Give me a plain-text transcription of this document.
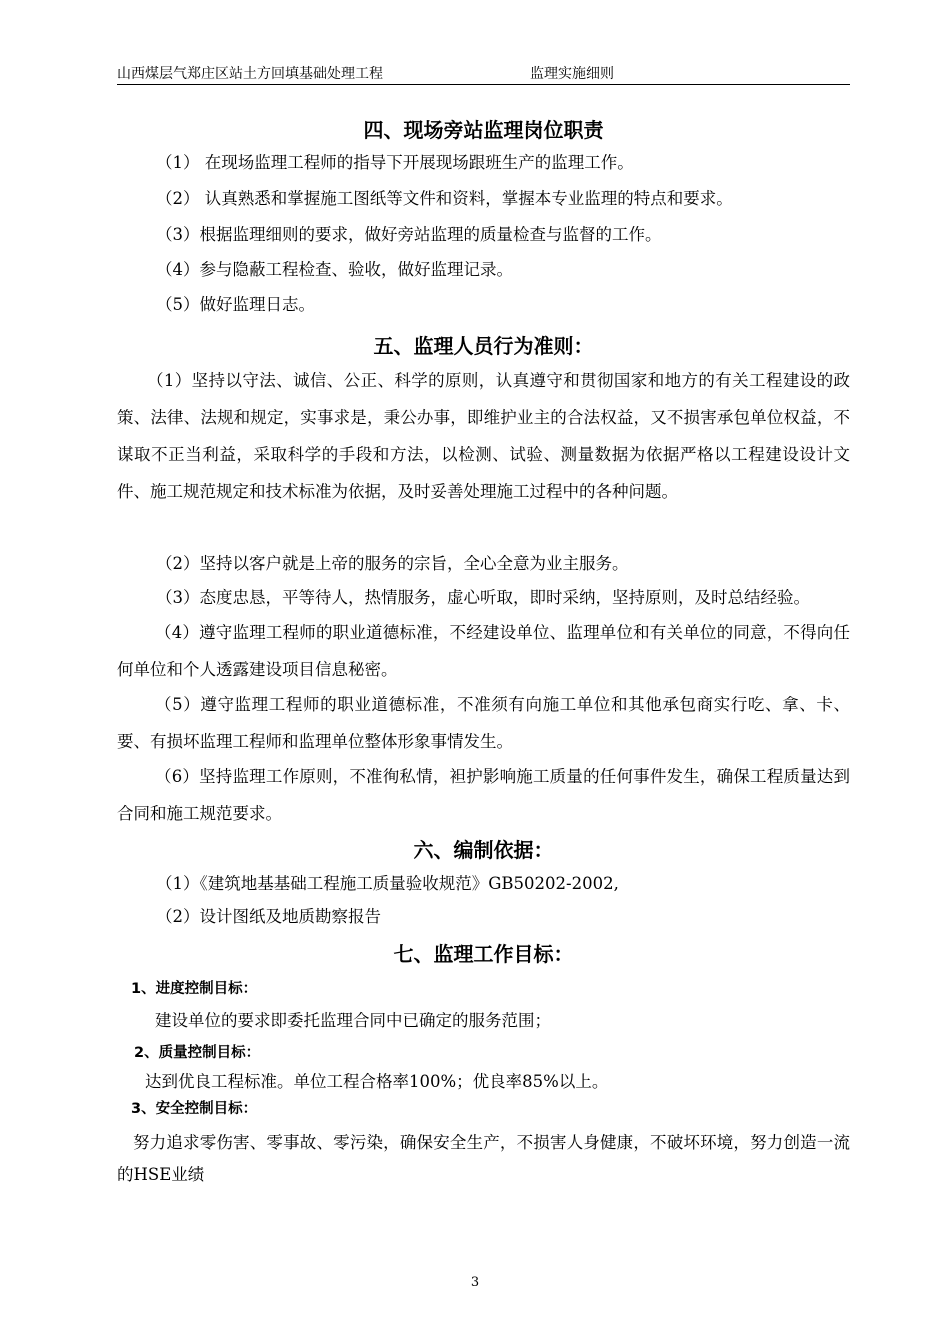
山西煤层气郑庄区站土方回填基础处理工程	监理实施细则
四、现场旁站监理岗位职责
（1） 在现场监理工程师的指导下开展现场跟班生产的监理工作。
（2） 认真熟悉和掌握施工图纸等文件和资料，掌握本专业监理的特点和要求。
（3）根据监理细则的要求，做好旁站监理的质量检查与监督的工作。
（4）参与隐蔽工程检查、验收，做好监理记录。
（5）做好监理日志。
五、监理人员行为准则：
（1）坚持以守法、诚信、公正、科学的原则，认真遵守和贯彻国家和地方的有关工程建设的政策、法律、法规和规定，实事求是，秉公办事，即维护业主的合法权益，又不损害承包单位权益，不谋取不正当利益，采取科学的手段和方法，以检测、试验、测量数据为依据严格以工程建设设计文件、施工规范规定和技术标准为依据，及时妥善处理施工过程中的各种问题。
（2）坚持以客户就是上帝的服务的宗旨，全心全意为业主服务。
（3）态度忠恳，平等待人，热情服务，虚心听取，即时采纳，坚持原则，及时总结经验。
（4）遵守监理工程师的职业道德标准，不经建设单位、监理单位和有关单位的同意，不得向任何单位和个人透露建设项目信息秘密。
（5）遵守监理工程师的职业道德标准，不准须有向施工单位和其他承包商实行吃、拿、卡、要、有损坏监理工程师和监理单位整体形象事情发生。
（6）坚持监理工作原则，不准徇私情，袒护影响施工质量的任何事件发生，确保工程质量达到合同和施工规范要求。
六、编制依据：
（1）《建筑地基基础工程施工质量验收规范》GB50202-2002,
（2）设计图纸及地质勘察报告
七、监理工作目标：
1、进度控制目标：
建设单位的要求即委托监理合同中已确定的服务范围；
2、质量控制目标：
达到优良工程标准。单位工程合格率100%；优良率85%以上。
3、安全控制目标：
努力追求零伤害、零事故、零污染，确保安全生产，不损害人身健康，不破坏环境，努力创造一流的HSE业绩
3
